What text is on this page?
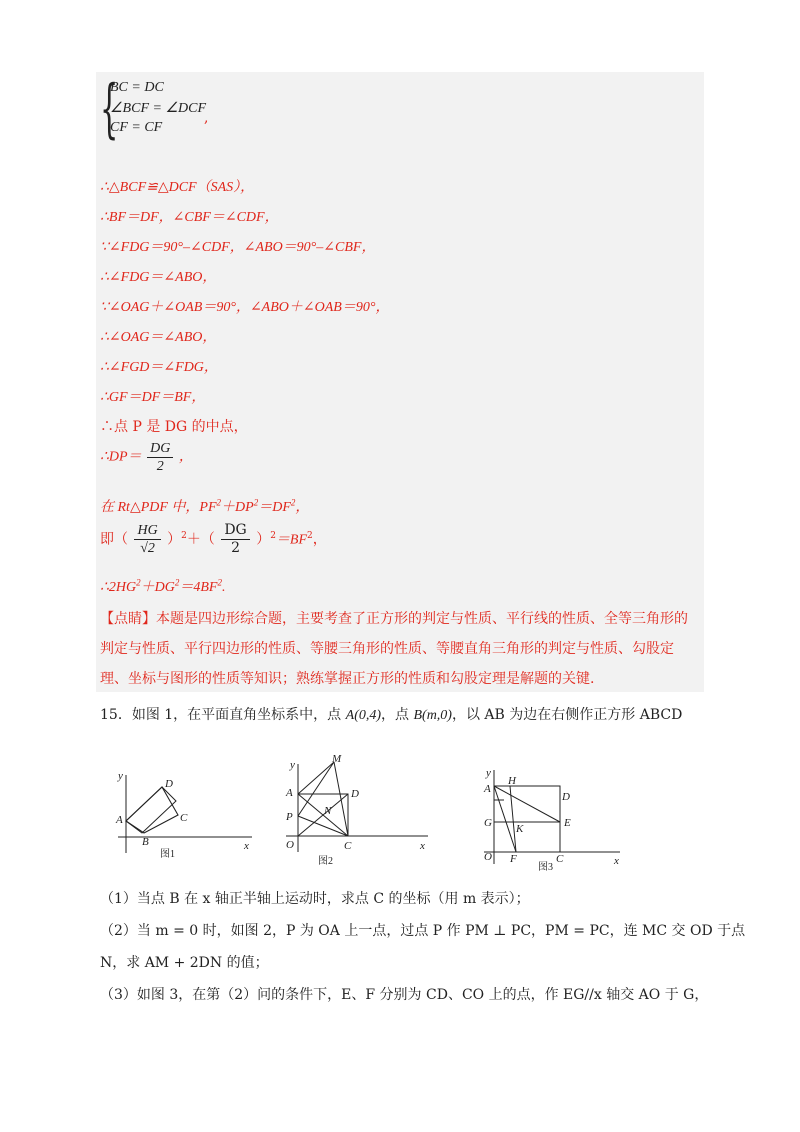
{
BC = DC
∠BCF = ∠DCF
CF = CF
,
∴△BCF≌△DCF（SAS），
∴BF＝DF，∠CBF＝∠CDF，
∵∠FDG＝90°–∠CDF，∠ABO＝90°–∠CBF，
∴∠FDG＝∠ABO，
∵∠OAG＋∠OAB＝90°，∠ABO＋∠OAB＝90°，
∴∠OAG＝∠ABO，
∴∠FGD＝∠FDG，
∴GF＝DF＝BF，
∴点 P 是 DG 的中点，
∴DP＝ $\frac{DG}{2}$ ，
在 Rt△PDF 中，$PF^2+DP^2=DF^2$，
即（ $\frac{HG}{√2} )^2+( \frac{DG}{2} )^2=BF^2$，
$\therefore 2HG^2+DG^2=4BF^2$.
【点睛】本题是四边形综合题，主要考查了正方形的判定与性质、平行线的性质、全等三角形的判定与性质、平行四边形的性质、等腰三角形的性质、等腰直角三角形的判定与性质、勾股定理、坐标与图形的性质等知识；熟练掌握正方形的性质和勾股定理是解题的关键.
15．如图 1，在平面直角坐标系中，点 A(0,4)，点 B(m,0)，以 AB 为边在右侧作正方形 ABCD
y
A
D
C
B	x
图1
y	M
A	D
N
P
O	C	x
图2
y
A
H
D
G K	E
O F	C	x
图3
（1）当点 B 在 x 轴正半轴上运动时，求点 C 的坐标（用 m 表示）；
（2）当 m = 0 时，如图 2，P 为 OA 上一点，过点 P 作 PM ⊥ PC，PM = PC，连 MC 交 OD 于点
N，求 AM + 2DN 的值；
（3）如图 3，在第（2）问的条件下，E、F 分别为 CD、CO 上的点，作 EG//x 轴交 AO 于 G，
